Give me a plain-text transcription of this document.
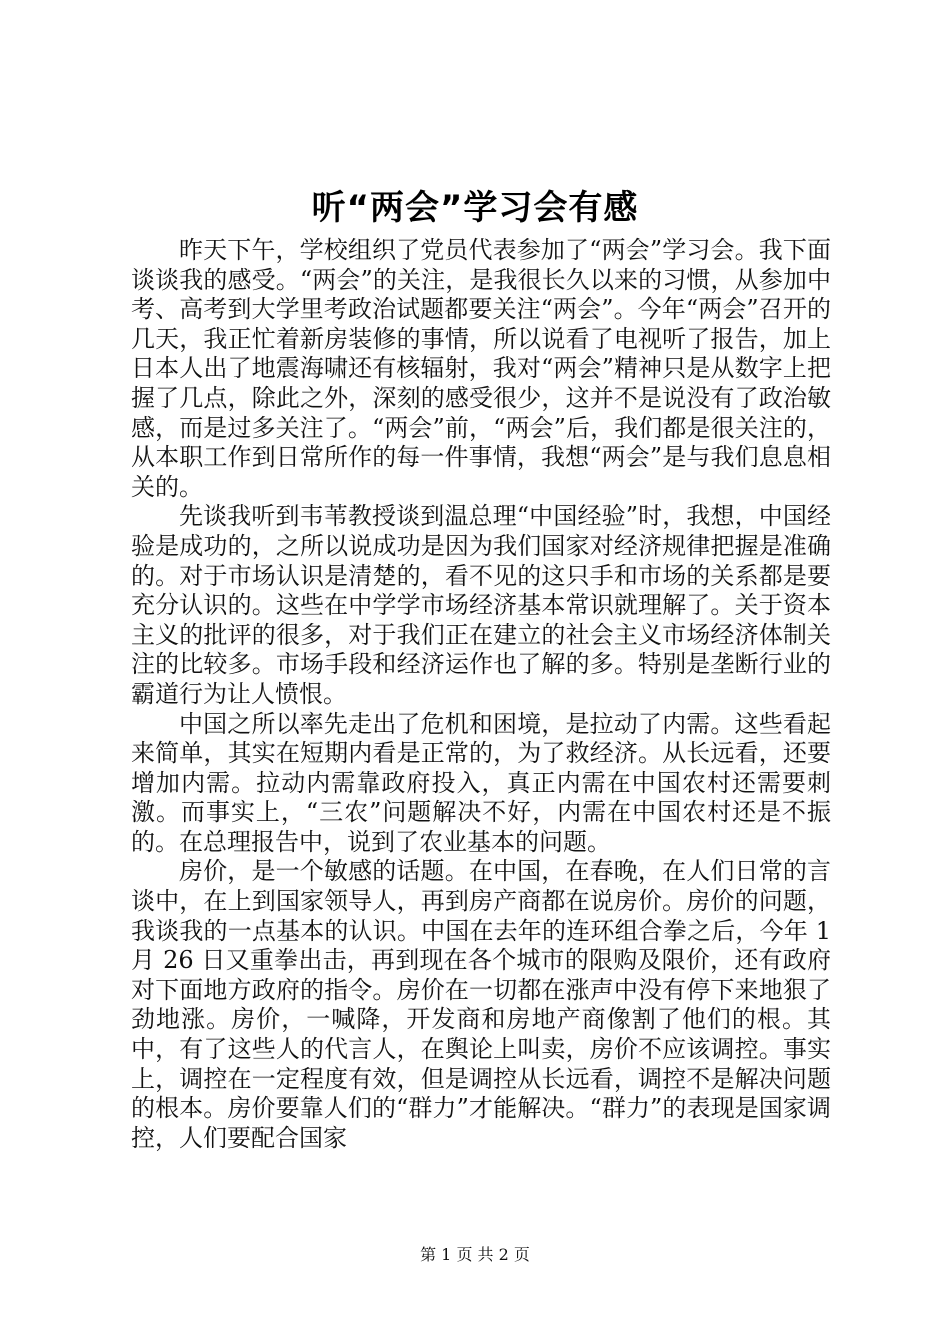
听“两会”学习会有感

昨天下午，学校组织了党员代表参加了“两会”学习会。我下面谈谈我的感受。“两会”的关注，是我很长久以来的习惯，从参加中考、高考到大学里考政治试题都要关注“两会”。今年“两会”召开的几天，我正忙着新房装修的事情，所以说看了电视听了报告，加上日本人出了地震海啸还有核辐射，我对“两会”精神只是从数字上把握了几点，除此之外，深刻的感受很少，这并不是说没有了政治敏感，而是过多关注了。“两会”前，“两会”后，我们都是很关注的，从本职工作到日常所作的每一件事情，我想“两会”是与我们息息相关的。

先谈我听到韦苇教授谈到温总理“中国经验”时，我想，中国经验是成功的，之所以说成功是因为我们国家对经济规律把握是准确的。对于市场认识是清楚的，看不见的这只手和市场的关系都是要充分认识的。这些在中学学市场经济基本常识就理解了。关于资本主义的批评的很多，对于我们正在建立的社会主义市场经济体制关注的比较多。市场手段和经济运作也了解的多。特别是垄断行业的霸道行为让人愤恨。

中国之所以率先走出了危机和困境，是拉动了内需。这些看起来简单，其实在短期内看是正常的，为了救经济。从长远看，还要增加内需。拉动内需靠政府投入，真正内需在中国农村还需要刺激。而事实上，“三农”问题解决不好，内需在中国农村还是不振的。在总理报告中，说到了农业基本的问题。

房价，是一个敏感的话题。在中国，在春晚，在人们日常的言谈中，在上到国家领导人，再到房产商都在说房价。房价的问题，我谈我的一点基本的认识。中国在去年的连环组合拳之后，今年 1 月 26 日又重拳出击，再到现在各个城市的限购及限价，还有政府对下面地方政府的指令。房价在一切都在涨声中没有停下来地狠了劲地涨。房价，一喊降，开发商和房地产商像割了他们的根。其中，有了这些人的代言人，在舆论上叫卖，房价不应该调控。事实上，调控在一定程度有效，但是调控从长远看，调控不是解决问题的根本。房价要靠人们的“群力”才能解决。“群力”的表现是国家调控，人们要配合国家

第 1 页 共 2 页
